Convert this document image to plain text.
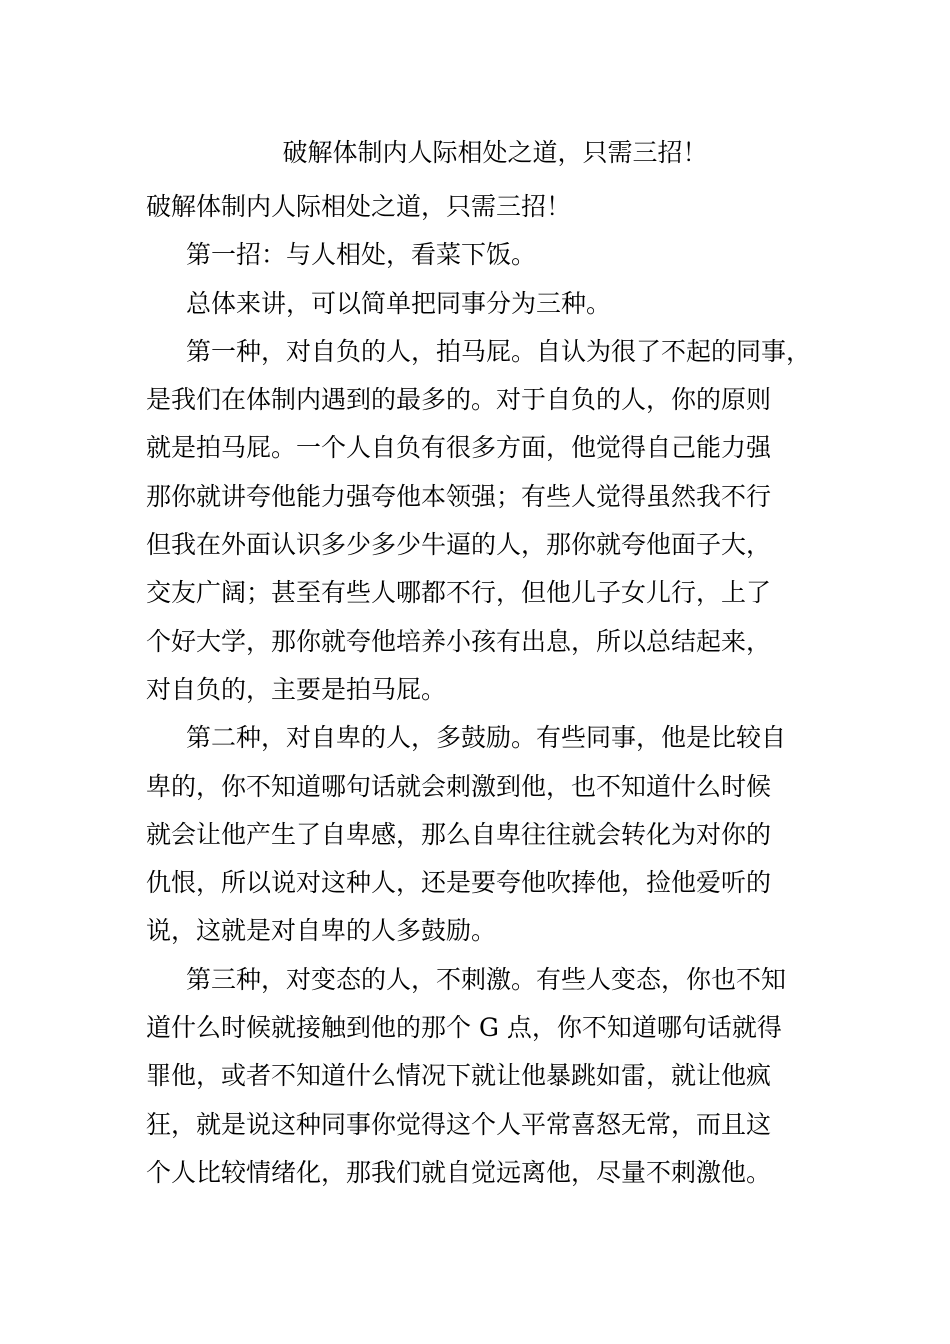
破解体制内人际相处之道，只需三招！
破解体制内人际相处之道，只需三招！
第一招：与人相处，看菜下饭。
总体来讲，可以简单把同事分为三种。
第一种，对自负的人，拍马屁。自认为很了不起的同事，
是我们在体制内遇到的最多的。对于自负的人，你的原则
就是拍马屁。一个人自负有很多方面，他觉得自己能力强
那你就讲夸他能力强夸他本领强；有些人觉得虽然我不行
但我在外面认识多少多少牛逼的人，那你就夸他面子大，
交友广阔；甚至有些人哪都不行，但他儿子女儿行，上了
个好大学，那你就夸他培养小孩有出息，所以总结起来，
对自负的，主要是拍马屁。
第二种，对自卑的人，多鼓励。有些同事，他是比较自
卑的，你不知道哪句话就会刺激到他，也不知道什么时候
就会让他产生了自卑感，那么自卑往往就会转化为对你的
仇恨，所以说对这种人，还是要夸他吹捧他，捡他爱听的
说，这就是对自卑的人多鼓励。
第三种，对变态的人，不刺激。有些人变态，你也不知
道什么时候就接触到他的那个 G 点，你不知道哪句话就得
罪他，或者不知道什么情况下就让他暴跳如雷，就让他疯
狂，就是说这种同事你觉得这个人平常喜怒无常，而且这
个人比较情绪化，那我们就自觉远离他，尽量不刺激他。
